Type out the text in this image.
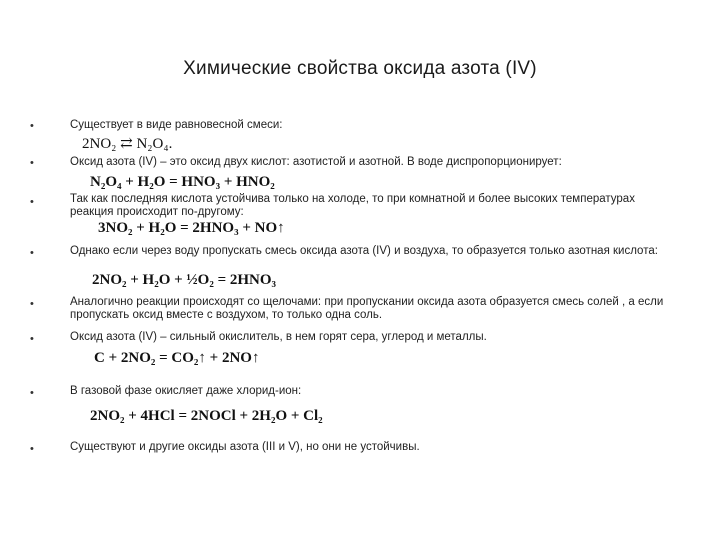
Химические свойства оксида азота (IV)
•	Существует в виде равновесной смеси:
2NO₂ ⇄ N₂O₄.
•	Оксид азота (IV) – это оксид двух кислот: азотистой и азотной. В воде диспропорционирует:
N₂O₄ + H₂O = HNO₃ + HNO₂
•	Так как последняя кислота устойчива только на холоде, то при комнатной и более высоких температурах реакция происходит по-другому:
3NO₂ + H₂O = 2HNO₃ + NO↑
•	Однако если через воду пропускать смесь оксида азота (IV) и воздуха, то образуется только азотная кислота:
2NO₂ + H₂O + ½O₂ = 2HNO₃
•	Аналогично реакции происходят со щелочами: при пропускании оксида азота образуется смесь солей , а если пропускать оксид вместе с воздухом, то только одна соль.
•	Оксид азота (IV) – сильный окислитель, в нем горят сера, углерод и металлы.
C + 2NO₂ = CO₂↑ + 2NO↑
•	В газовой фазе окисляет даже хлорид-ион:
2NO₂ + 4HCl = 2NOCl + 2H₂O + Cl₂
•	Существуют и другие оксиды азота (III и V), но они не устойчивы.
